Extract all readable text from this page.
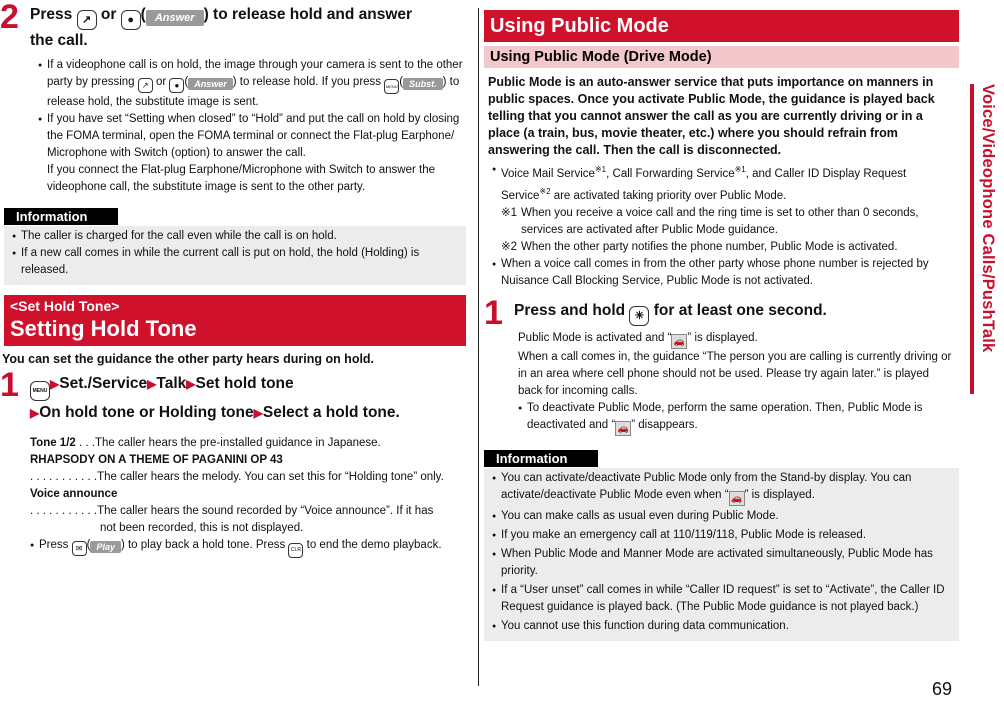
2 Press ↗ or ● ( Answer ) to release hold and answer
the call.
● If a videophone call is on hold, the image through your camera is sent to the other party by pressing ↗ or ● ( Answer ) to release hold. If you press MENU ( Subst. ) to release hold, the substitute image is sent.
● If you have set “Setting when closed” to “Hold” and put the call on hold by closing the FOMA terminal, open the FOMA terminal or connect the Flat-plug Earphone/ Microphone with Switch (option) to answer the call.
If you connect the Flat-plug Earphone/Microphone with Switch to answer the videophone call, the substitute image is sent to the other party.
Information
● The caller is charged for the call even while the call is on hold.
● If a new call comes in while the current call is put on hold, the hold (Holding) is released.
<Set Hold Tone>
Setting Hold Tone
You can set the guidance the other party hears during on hold.
1	MENU ▶Set./Service▶Talk▶Set hold tone
▶On hold tone or Holding tone▶Select a hold tone.
Tone 1/2 . . .The caller hears the pre-installed guidance in Japanese.
RHAPSODY ON A THEME OF PAGANINI OP 43
. . . . . . . . . . .The caller hears the melody. You can set this for “Holding tone” only.
Voice announce
. . . . . . . . . . .The caller hears the sound recorded by “Voice announce”. If it has
not been recorded, this is not displayed.
● Press ✉ ( Play ) to play back a hold tone. Press CLR to end the demo playback.
Using Public Mode
Using Public Mode (Drive Mode)
Public Mode is an auto-answer service that puts importance on manners in public spaces. Once you activate Public Mode, the guidance is played back telling that you cannot answer the call as you are currently driving or in a place (a train, bus, movie theater, etc.) where you should refrain from answering the call. Then the call is disconnected.
● Voice Mail Service$^{※1}$, Call Forwarding Service$^{※1}$, and Caller ID Display Request Service$^{※2}$ are activated taking priority over Public Mode.
※1 When you receive a voice call and the ring time is set to other than 0 seconds, services are activated after Public Mode guidance.
※2 When the other party notifies the phone number, Public Mode is activated.
● When a voice call comes in from the other party whose phone number is rejected by Nuisance Call Blocking Service, Public Mode is not activated.
1 Press and hold ✳ for at least one second.
Public Mode is activated and “ 🚗 ” is displayed.
When a call comes in, the guidance “The person you are calling is currently driving or in an area where cell phone should not be used. Please try again later.” is played back for incoming calls.
● To deactivate Public Mode, perform the same operation. Then, Public Mode is deactivated and “ 🚗 ” disappears.
Information
● You can activate/deactivate Public Mode only from the Stand-by display. You can activate/deactivate Public Mode even when “ 🚗 ” is displayed.
● You can make calls as usual even during Public Mode.
● If you make an emergency call at 110/119/118, Public Mode is released.
● When Public Mode and Manner Mode are activated simultaneously, Public Mode has priority.
● If a “User unset” call comes in while “Caller ID request” is set to “Activate”, the Caller ID Request guidance is played back. (The Public Mode guidance is not played back.)
● You cannot use this function during data communication.
Voice/Videophone Calls/PushTalk
69
